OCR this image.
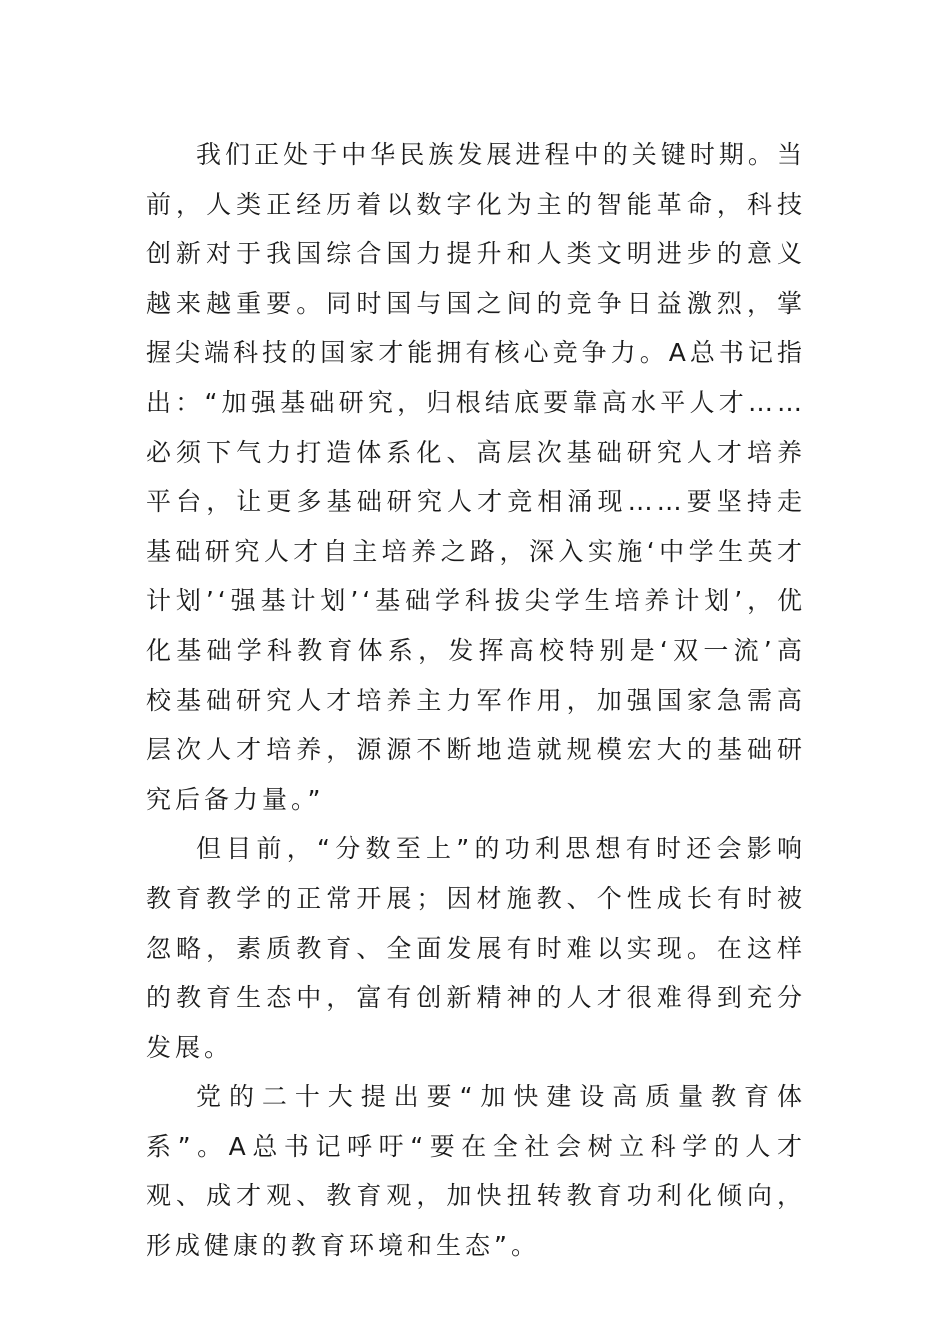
我们正处于中华民族发展进程中的关键时期。当前，人类正经历着以数字化为主的智能革命，科技创新对于我国综合国力提升和人类文明进步的意义越来越重要。同时国与国之间的竞争日益激烈，掌握尖端科技的国家才能拥有核心竞争力。A总书记指出：“加强基础研究，归根结底要靠高水平人才……必须下气力打造体系化、高层次基础研究人才培养平台，让更多基础研究人才竞相涌现……要坚持走基础研究人才自主培养之路，深入实施‘中学生英才计划’‘强基计划’‘基础学科拔尖学生培养计划’，优化基础学科教育体系，发挥高校特别是‘双一流’高校基础研究人才培养主力军作用，加强国家急需高层次人才培养，源源不断地造就规模宏大的基础研究后备力量。”

但目前，“分数至上”的功利思想有时还会影响教育教学的正常开展；因材施教、个性成长有时被忽略，素质教育、全面发展有时难以实现。在这样的教育生态中，富有创新精神的人才很难得到充分发展。

党的二十大提出要“加快建设高质量教育体系”。A总书记呼吁“要在全社会树立科学的人才观、成才观、教育观，加快扭转教育功利化倾向，形成健康的教育环境和生态”。
